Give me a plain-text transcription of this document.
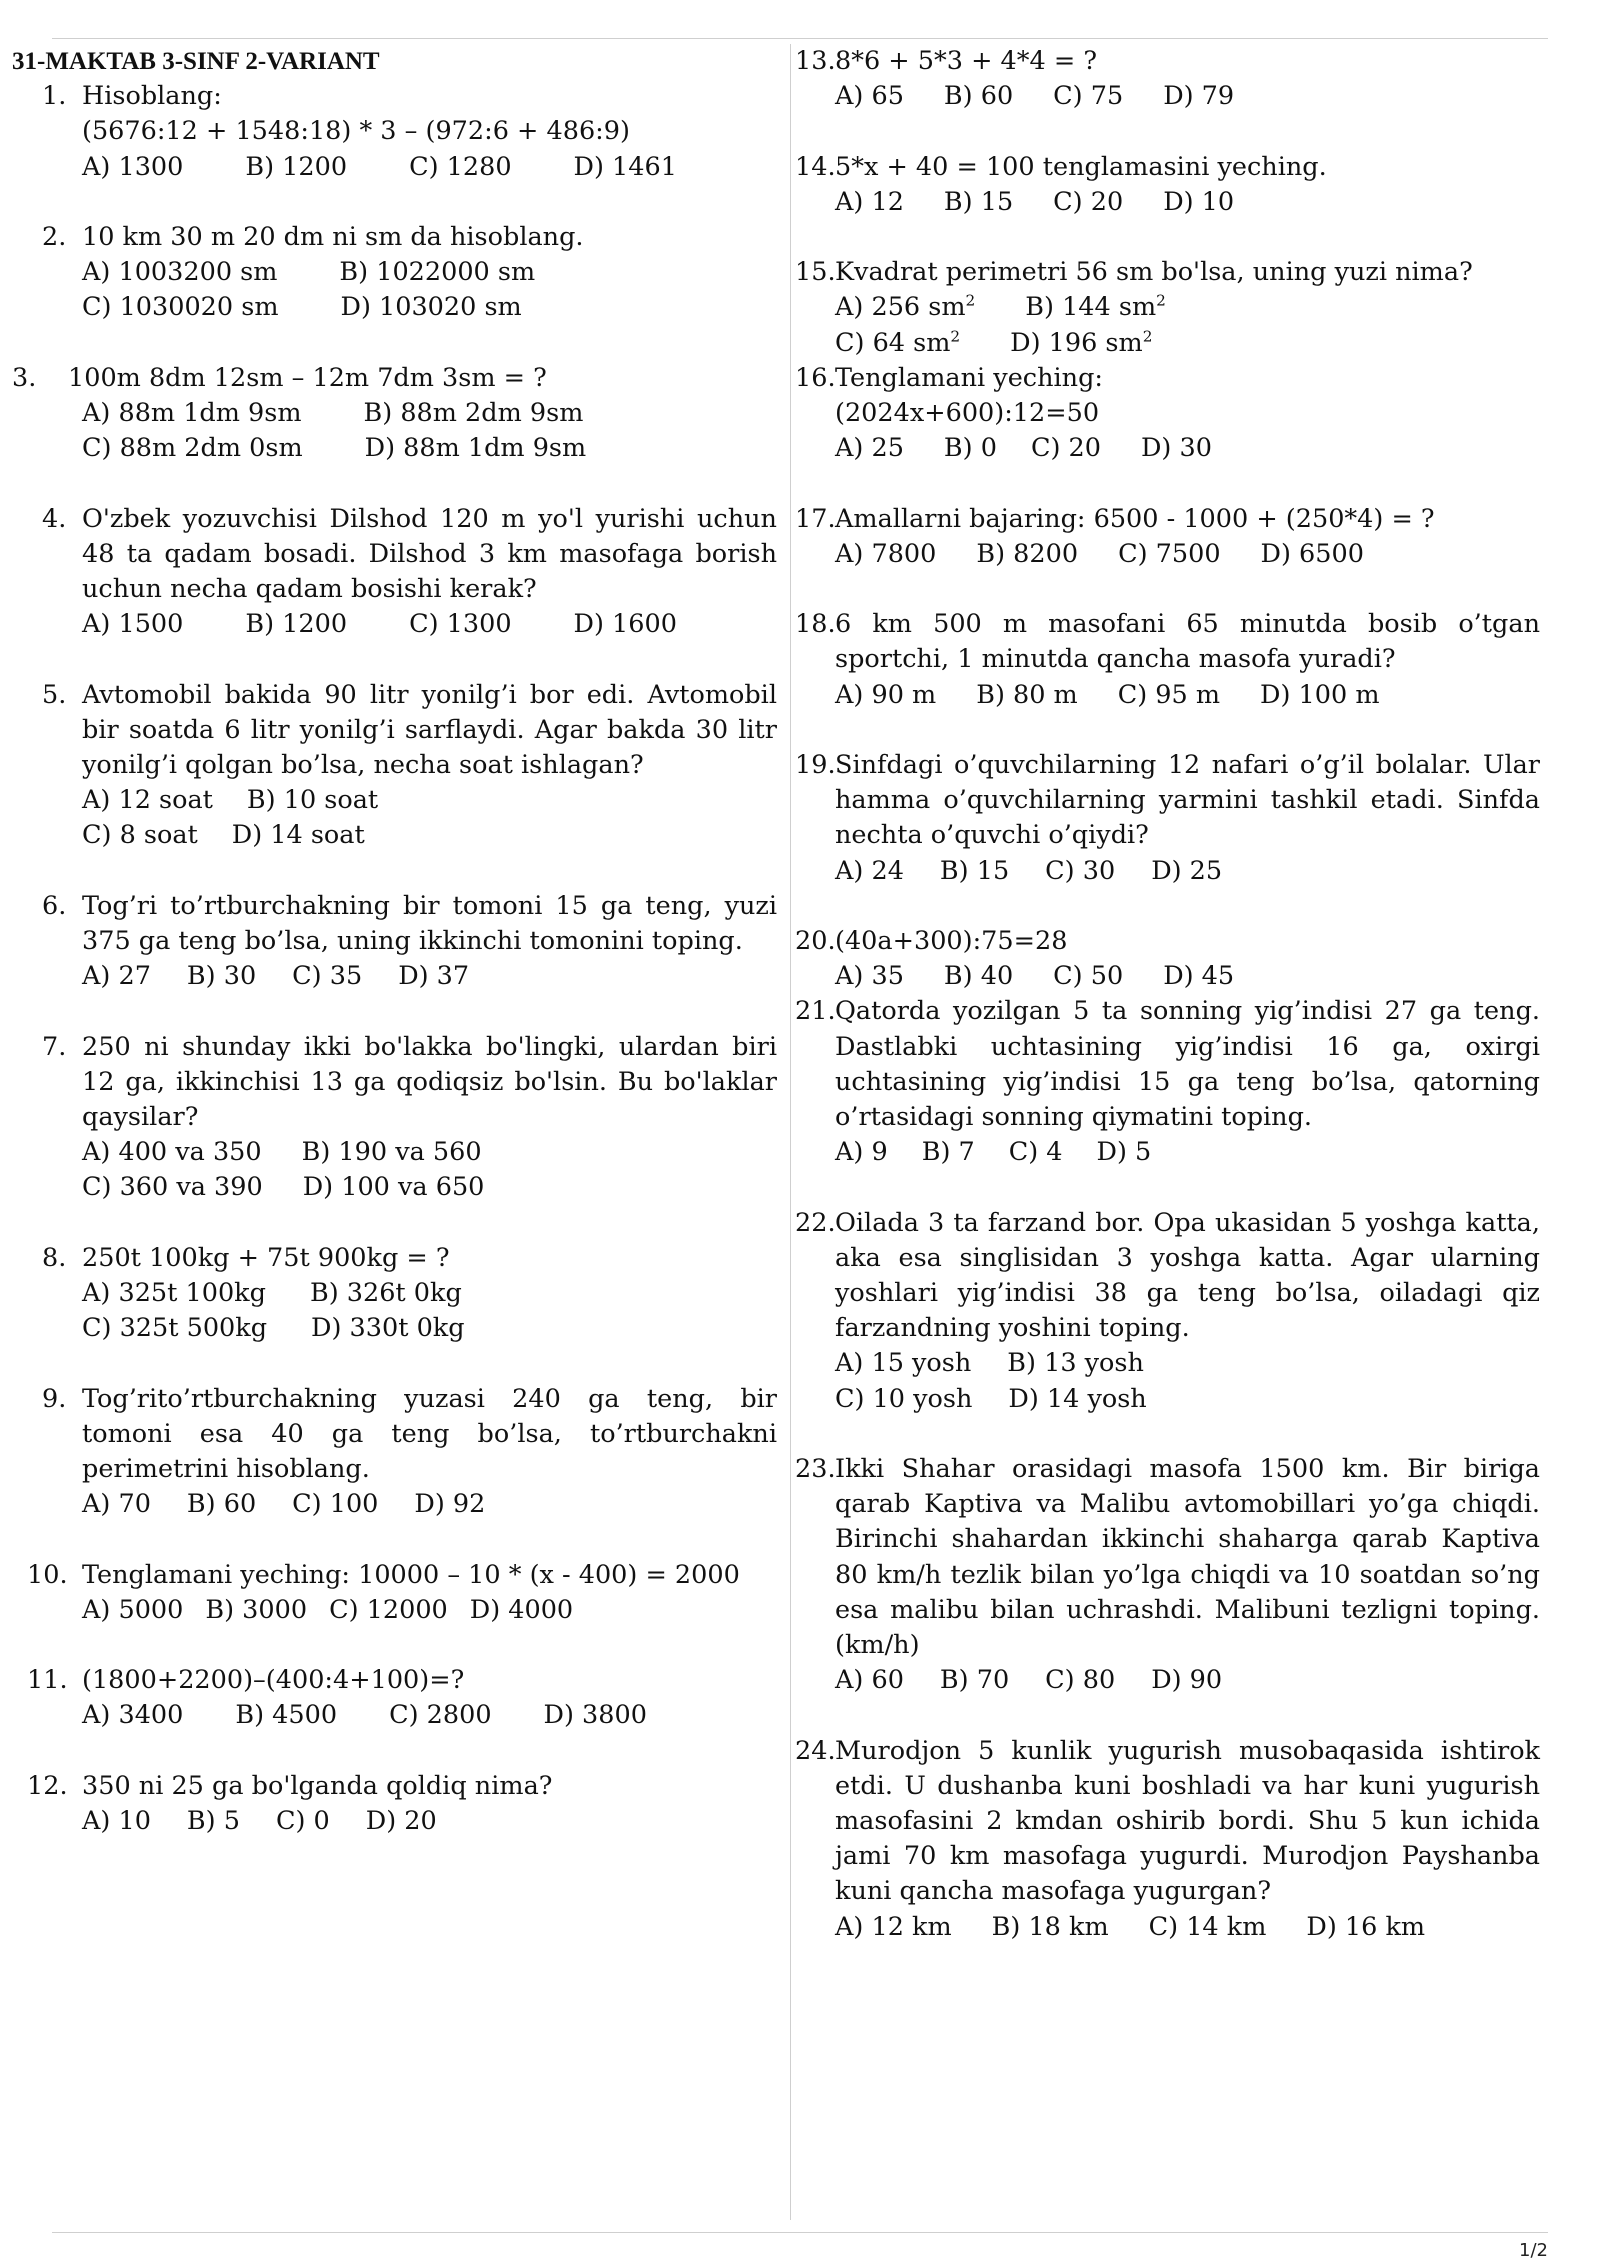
1/2
31-MAKTAB 3-SINF 2-VARIANT
1. Hisoblang:
(5676:12 + 1548:18) * 3 – (972:6 + 486:9)
A) 1300 B) 1200 C) 1280 D) 1461
2. 10 km 30 m 20 dm ni sm da hisoblang.
A) 1003200 sm B) 1022000 sm
C) 1030020 sm D) 103020 sm
3. 100m 8dm 12sm – 12m 7dm 3sm = ?
A) 88m 1dm 9sm B) 88m 2dm 9sm
C) 88m 2dm 0sm D) 88m 1dm 9sm
4. O'zbek yozuvchisi Dilshod 120 m yo'l yurishi uchun 48 ta qadam bosadi. Dilshod 3 km masofaga borish uchun necha qadam bosishi kerak?
A) 1500 B) 1200 C) 1300 D) 1600
5. Avtomobil bakida 90 litr yonilg’i bor edi. Avtomobil bir soatda 6 litr yonilg’i sarflaydi. Agar bakda 30 litr yonilg’i qolgan bo’lsa, necha soat ishlagan?
A) 12 soat B) 10 soat
C) 8 soat D) 14 soat
6. Tog’ri to’rtburchakning bir tomoni 15 ga teng, yuzi 375 ga teng bo’lsa, uning ikkinchi tomonini toping.
A) 27 B) 30 C) 35 D) 37
7. 250 ni shunday ikki bo'lakka bo'lingki, ulardan biri 12 ga, ikkinchisi 13 ga qodiqsiz bo'lsin. Bu bo'laklar qaysilar?
A) 400 va 350 B) 190 va 560
C) 360 va 390 D) 100 va 650
8. 250t 100kg + 75t 900kg = ?
A) 325t 100kg B) 326t 0kg
C) 325t 500kg D) 330t 0kg
9. Tog’rito’rtburchakning yuzasi 240 ga teng, bir tomoni esa 40 ga teng bo’lsa, to’rtburchakni perimetrini hisoblang.
A) 70 B) 60 C) 100 D) 92
10. Tenglamani yeching: 10000 – 10 * (x - 400) = 2000
A) 5000 B) 3000 C) 12000 D) 4000
11. (1800+2200)–(400:4+100)=?
A) 3400 B) 4500 C) 2800 D) 3800
12. 350 ni 25 ga bo'lganda qoldiq nima?
A) 10 B) 5 C) 0 D) 20
13. 8*6 + 5*3 + 4*4 = ?
A) 65 B) 60 C) 75 D) 79
14. 5*x + 40 = 100 tenglamasini yeching.
A) 12 B) 15 C) 20 D) 10
15. Kvadrat perimetri 56 sm bo'lsa, uning yuzi nima?
A) 256 $sm^2$ B) 144 $sm^2$
C) 64 $sm^2$ D) 196 $sm^2$
16. Tenglamani yeching:
(2024x+600):12=50
A) 25 B) 0 C) 20 D) 30
17. Amallarni bajaring: 6500 - 1000 + (250*4) = ?
A) 7800 B) 8200 C) 7500 D) 6500
18. 6 km 500 m masofani 65 minutda bosib o’tgan sportchi, 1 minutda qancha masofa yuradi?
A) 90 m B) 80 m C) 95 m D) 100 m
19. Sinfdagi o’quvchilarning 12 nafari o’g’il bolalar. Ular hamma o’quvchilarning yarmini tashkil etadi. Sinfda nechta o’quvchi o’qiydi?
A) 24 B) 15 C) 30 D) 25
20. (40a+300):75=28
A) 35 B) 40 C) 50 D) 45
21. Qatorda yozilgan 5 ta sonning yig’indisi 27 ga teng. Dastlabki uchtasining yig’indisi 16 ga, oxirgi uchtasining yig’indisi 15 ga teng bo’lsa, qatorning o’rtasidagi sonning qiymatini toping.
A) 9 B) 7 C) 4 D) 5
22. Oilada 3 ta farzand bor. Opa ukasidan 5 yoshga katta, aka esa singlisidan 3 yoshga katta. Agar ularning yoshlari yig’indisi 38 ga teng bo’lsa, oiladagi qiz farzandning yoshini toping.
A) 15 yosh B) 13 yosh
C) 10 yosh D) 14 yosh
23. Ikki Shahar orasidagi masofa 1500 km. Bir biriga qarab Kaptiva va Malibu avtomobillari yo’ga chiqdi. Birinchi shahardan ikkinchi shaharga qarab Kaptiva 80 km/h tezlik bilan yo’lga chiqdi va 10 soatdan so’ng esa malibu bilan uchrashdi. Malibuni tezligni toping.(km/h)
A) 60 B) 70 C) 80 D) 90
24. Murodjon 5 kunlik yugurish musobaqasida ishtirok etdi. U dushanba kuni boshladi va har kuni yugurish masofasini 2 kmdan oshirib bordi. Shu 5 kun ichida jami 70 km masofaga yugurdi. Murodjon Payshanba kuni qancha masofaga yugurgan?
A) 12 km B) 18 km C) 14 km D) 16 km
